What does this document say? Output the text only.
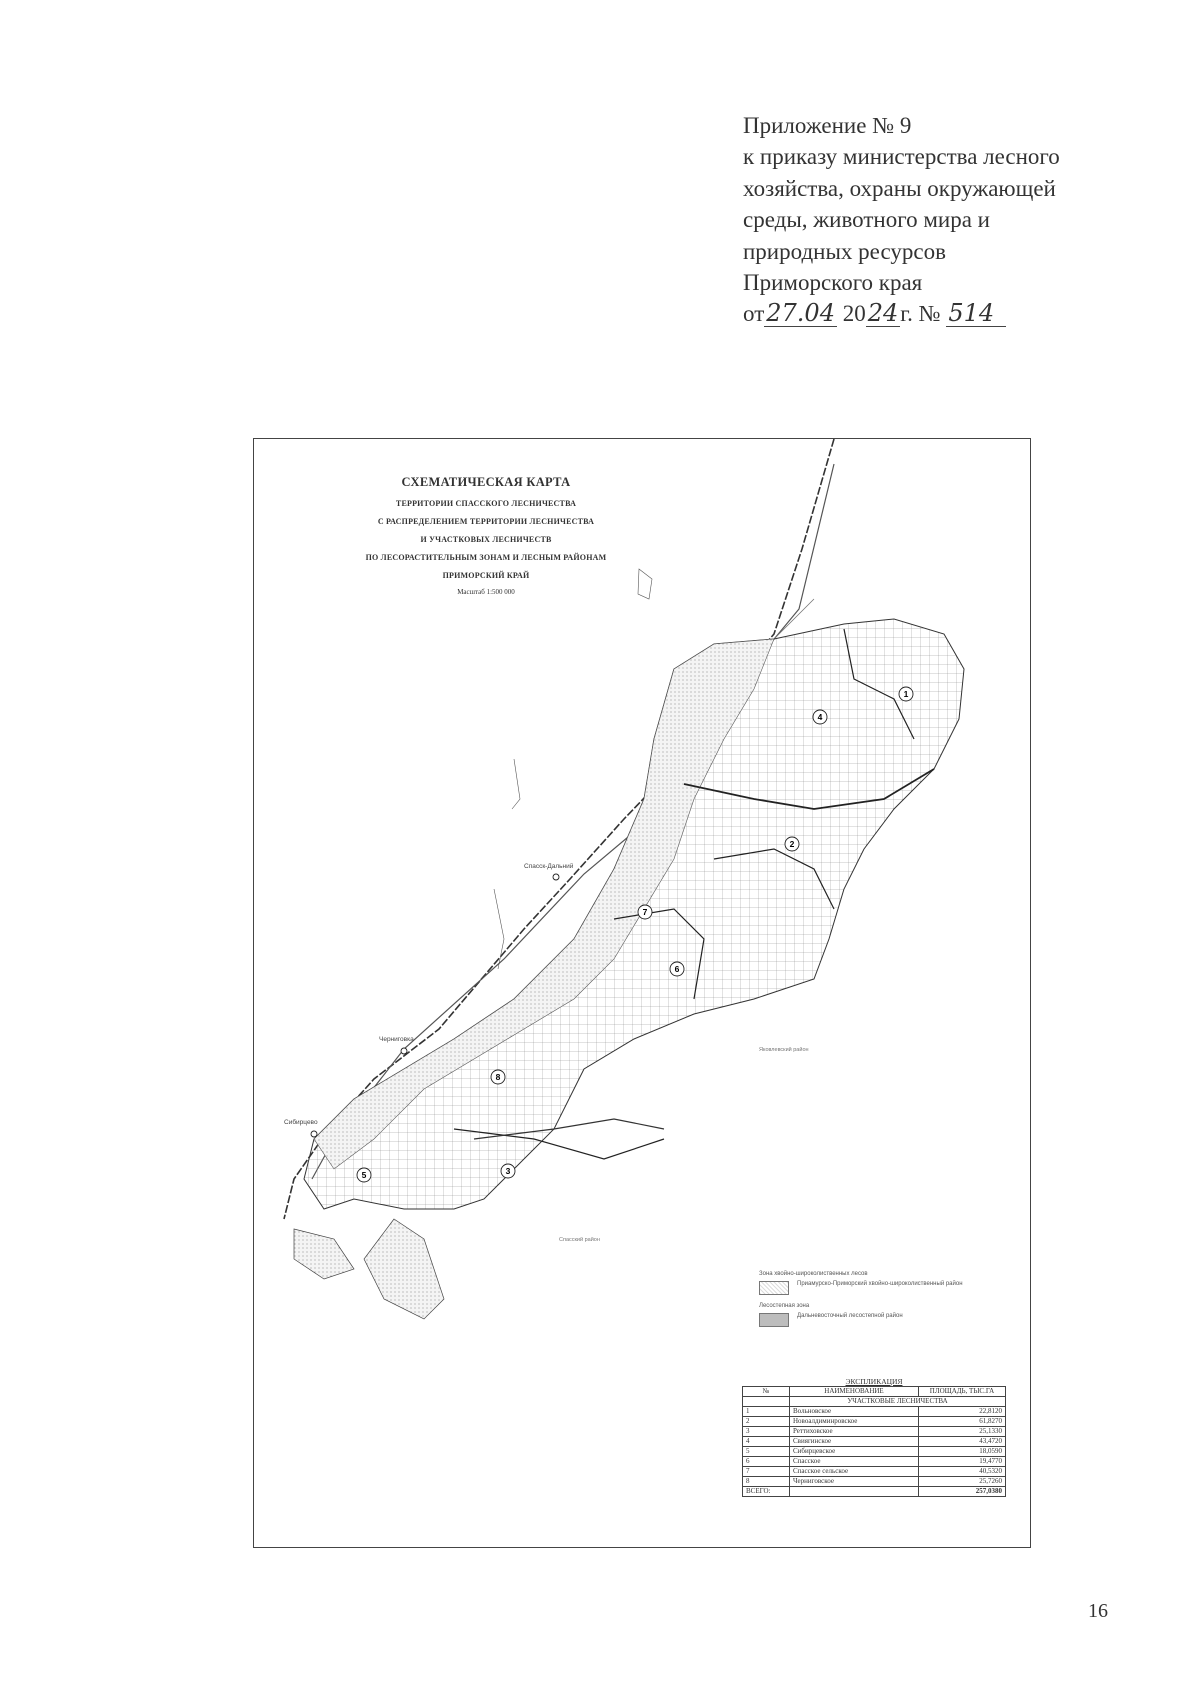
Приложение № 9
к приказу министерства лесного
хозяйства, охраны окружающей
среды, животного мира и
природных ресурсов
Приморского края
от27.04 2024г. № 514
1
2
3
4
5
6
7
8
СХЕМАТИЧЕСКАЯ КАРТА
ТЕРРИТОРИИ СПАССКОГО ЛЕСНИЧЕСТВА
С РАСПРЕДЕЛЕНИЕМ ТЕРРИТОРИИ ЛЕСНИЧЕСТВА
И УЧАСТКОВЫХ ЛЕСНИЧЕСТВ
ПО ЛЕСОРАСТИТЕЛЬНЫМ ЗОНАМ И ЛЕСНЫМ РАЙОНАМ
ПРИМОРСКИЙ КРАЙ
Масштаб 1:500 000
Спасск-Дальний
Черниговка
Сибирцево
Яковлевский район
Спасский район
Зона хвойно-широколиственных лесов
Приамурско-Приморский хвойно-широколиственный район
Лесостепная зона
Дальневосточный лесостепной район
ЭКСПЛИКАЦИЯ
№	НАИМЕНОВАНИЕ	ПЛОЩАДЬ, ТЫС.ГА
	УЧАСТКОВЫЕ ЛЕСНИЧЕСТВА	
1	Вольновское	22,8120
2	Новоалдиминровское	61,8270
3	Реттиховское	25,1330
4	Свиягинское	43,4720
5	Сибирцевское	18,0590
6	Спасское	19,4770
7	Спасское сельское	40,5320
8	Черниговское	25,7260
ВСЕГО:		257,0380
16
